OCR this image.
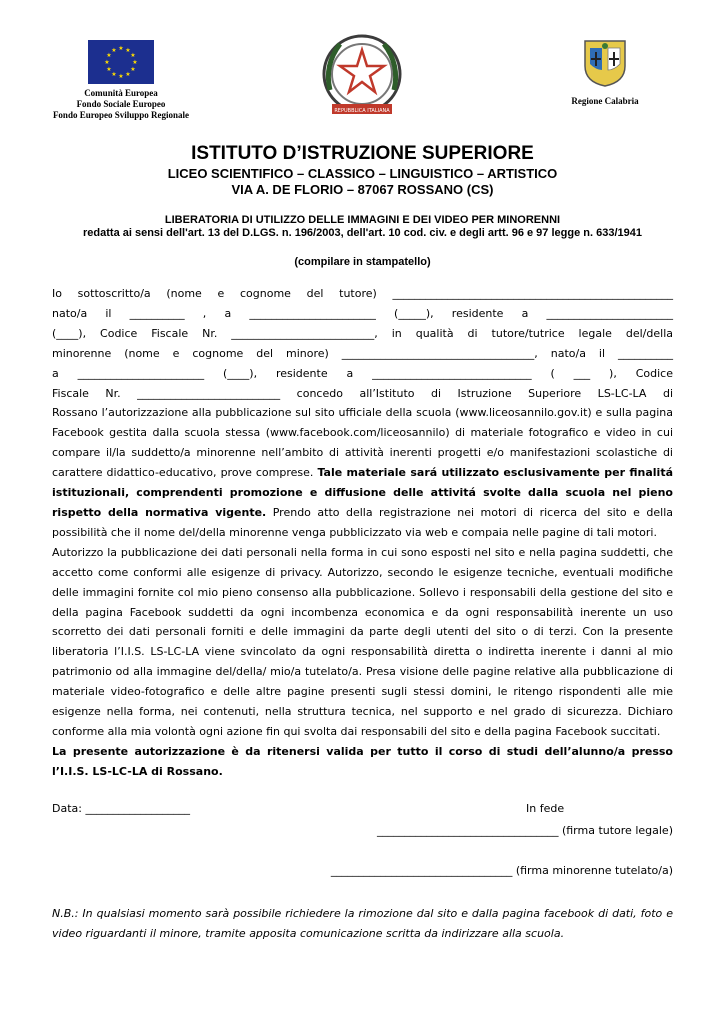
★ ★
★
★
★
★
★
★
★
★
★
★
Comunità Europea
Fondo Sociale Europeo
Fondo Europeo Sviluppo Regionale	REPUBBLICA ITALIANA
Regione Calabria
ISTITUTO D’ISTRUZIONE SUPERIORE
LICEO SCIENTIFICO – CLASSICO – LINGUISTICO – ARTISTICO
VIA A. DE FLORIO – 87067 ROSSANO (CS)
LIBERATORIA DI UTILIZZO DELLE IMMAGINI E DEI VIDEO PER MINORENNI
redatta ai sensi dell'art. 13 del D.LGS. n. 196/2003, dell'art. 10 cod. civ. e degli artt. 96 e 97 legge n. 633/1941
(compilare in stampatello)

Io sottoscritto/a (nome e cognome del tutore) ___________________________________________________
nato/a il __________ , a _______________________ (_____), residente a _______________________
(____), Codice Fiscale Nr. __________________________, in qualità di tutore/tutrice legale del/della
minorenne (nome e cognome del minore) ___________________________________, nato/a il __________
a _______________________ (____), residente a _____________________________ ( ___ ), Codice
Fiscale Nr. __________________________ concedo all’Istituto di Istruzione Superiore LS-LC-LA di
Rossano l’autorizzazione alla pubblicazione sul sito ufficiale della scuola (www.liceosannilo.gov.it) e sulla pagina
Facebook gestita dalla scuola stessa (www.facebook.com/liceosannilo) di materiale fotografico e video in cui
compare il/la suddetto/a minorenne nell’ambito di attività inerenti progetti e/o manifestazioni scolastiche di
carattere didattico-educativo, prove comprese. Tale materiale sará utilizzato esclusivamente per finalitá
istituzionali, comprendenti promozione e diffusione delle attivitá svolte dalla scuola nel pieno
rispetto della normativa vigente. Prendo atto della registrazione nei motori di ricerca del sito e della
possibilità che il nome del/della minorenne venga pubblicizzato via web e compaia nelle pagine di tali motori.

Autorizzo la pubblicazione dei dati personali nella forma in cui sono esposti nel sito e nella pagina suddetti, che
accetto come conformi alle esigenze di privacy. Autorizzo, secondo le esigenze tecniche, eventuali modifiche
delle immagini fornite col mio pieno consenso alla pubblicazione. Sollevo i responsabili della gestione del sito e
della pagina Facebook suddetti da ogni incombenza economica e da ogni responsabilità inerente un uso
scorretto dei dati personali forniti e delle immagini da parte degli utenti del sito o di terzi. Con la presente
liberatoria l’I.I.S. LS-LC-LA viene svincolato da ogni responsabilità diretta o indiretta inerente i danni al mio
patrimonio od alla immagine del/della/ mio/a tutelato/a. Presa visione delle pagine relative alla pubblicazione di
materiale video-fotografico e delle altre pagine presenti sugli stessi domini, le ritengo rispondenti alle mie
esigenze nella forma, nei contenuti, nella struttura tecnica, nel supporto e nel grado di sicurezza. Dichiaro
conforme alla mia volontà ogni azione fin qui svolta dai responsabili del sito e della pagina Facebook succitati.

La presente autorizzazione è da ritenersi valida per tutto il corso di studi dell’alunno/a presso
l’I.I.S. LS-LC-LA di Rossano.

Data: ___________________	In fede
_________________________________ (firma tutore legale)
_________________________________ (firma minorenne tutelato/a)
N.B.: In qualsiasi momento sarà possibile richiedere la rimozione dal sito e dalla pagina facebook di dati, foto e
video riguardanti il minore, tramite apposita comunicazione scritta da indirizzare alla scuola.
